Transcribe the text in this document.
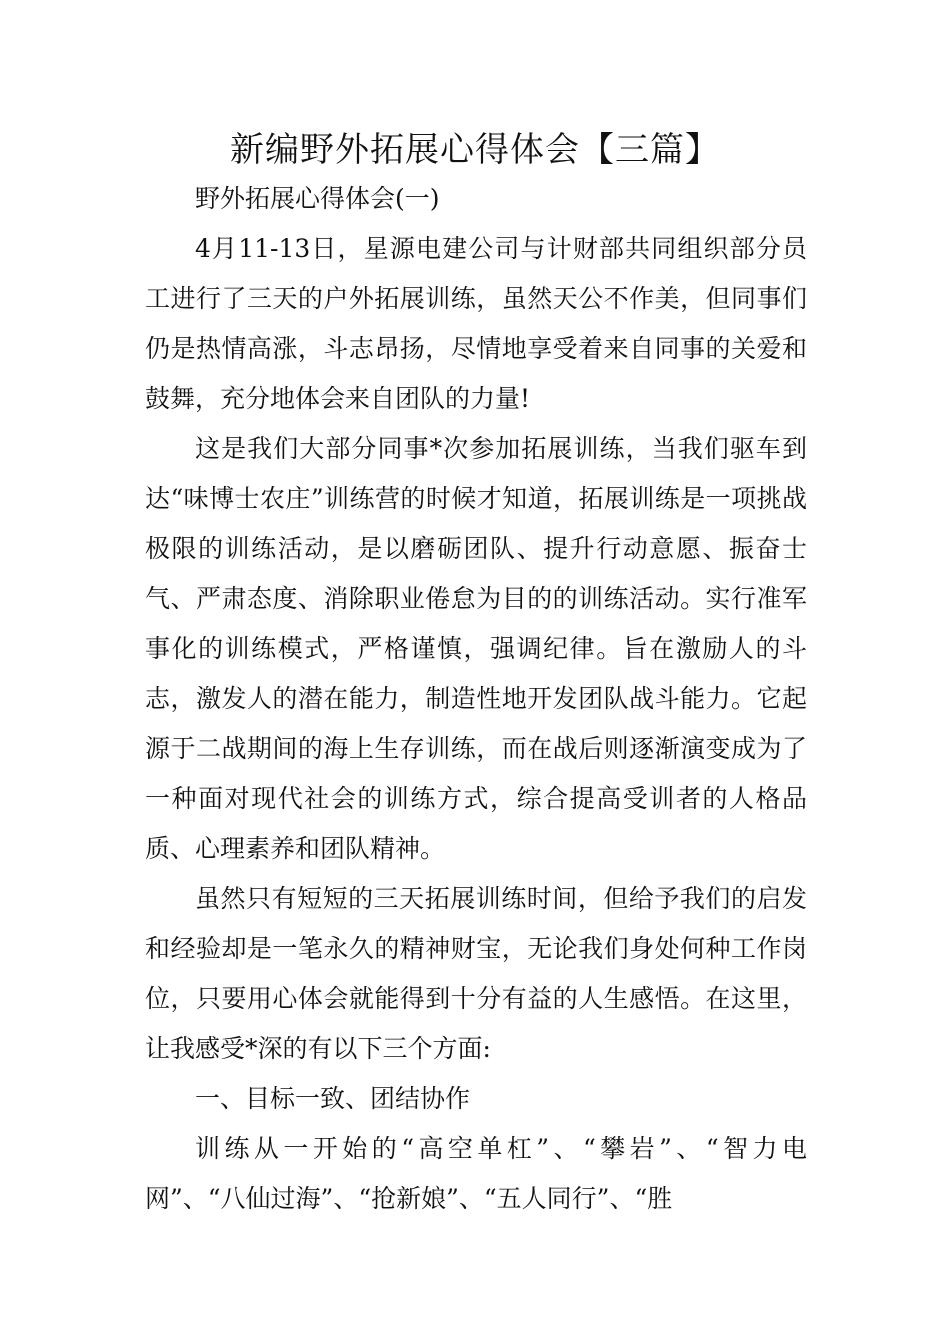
新编野外拓展心得体会【三篇】

野外拓展心得体会(一)

4月11-13日，星源电建公司与计财部共同组织部分员工进行了三天的户外拓展训练，虽然天公不作美，但同事们仍是热情高涨，斗志昂扬，尽情地享受着来自同事的关爱和鼓舞，充分地体会来自团队的力量!

这是我们大部分同事*次参加拓展训练，当我们驱车到达“味博士农庄”训练营的时候才知道，拓展训练是一项挑战极限的训练活动，是以磨砺团队、提升行动意愿、振奋士气、严肃态度、消除职业倦怠为目的的训练活动。实行准军事化的训练模式，严格谨慎，强调纪律。旨在激励人的斗志，激发人的潜在能力，制造性地开发团队战斗能力。它起源于二战期间的海上生存训练，而在战后则逐渐演变成为了一种面对现代社会的训练方式，综合提高受训者的人格品质、心理素养和团队精神。

虽然只有短短的三天拓展训练时间，但给予我们的启发和经验却是一笔永久的精神财宝，无论我们身处何种工作岗位，只要用心体会就能得到十分有益的人生感悟。在这里，让我感受*深的有以下三个方面:

一、目标一致、团结协作

训练从一开始的“高空单杠”、“攀岩”、“智力电网”、“八仙过海”、“抢新娘”、“五人同行”、“胜
